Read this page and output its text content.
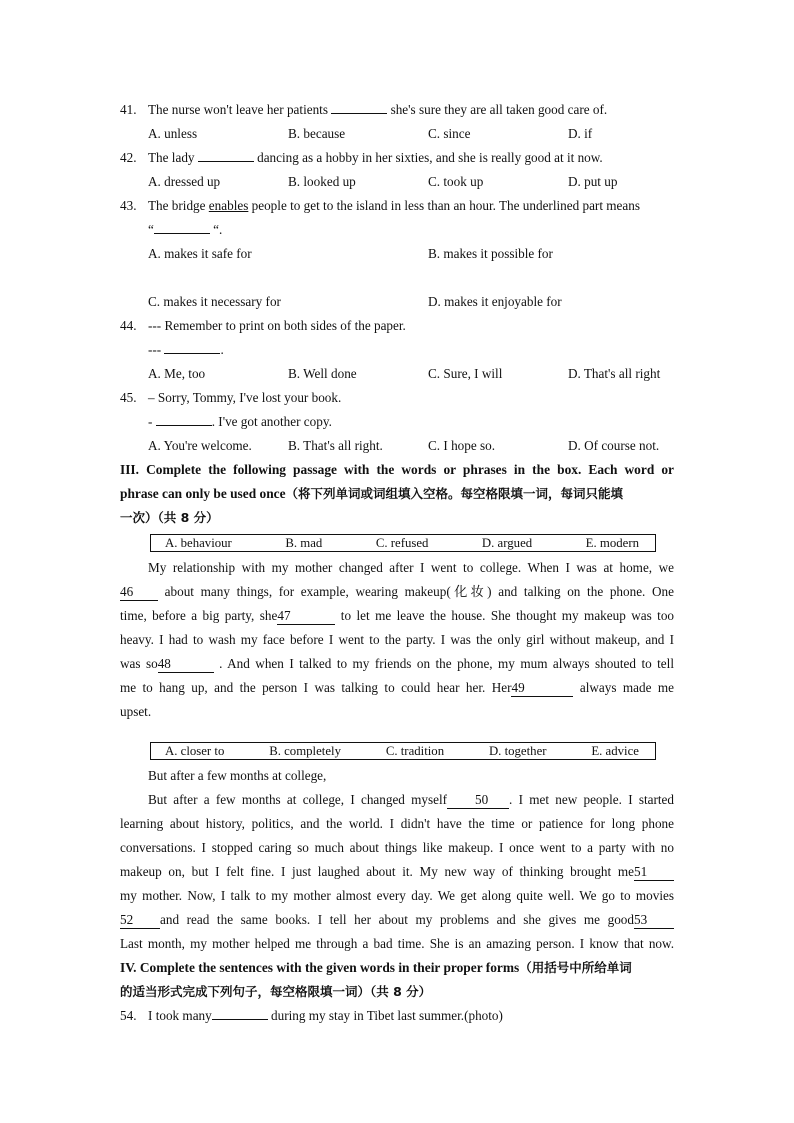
41. The nurse won't leave her patients	she's sure they are all taken good care of.
A. unless	B. because	C. since	D. if
42. The lady	dancing as a hobby in her sixties, and she is really good at it now.
A. dressed up	B. looked up	C. took up	D. put up
43. The bridge enables people to get to the island in less than an hour. The underlined part means
“	“.
A. makes it safe for	B. makes it possible for
C. makes it necessary for	D. makes it enjoyable for
44. --- Remember to print on both sides of the paper.
---	.
A. Me, too	B. Well done	C. Sure, I will	D. That's all right
45. – Sorry, Tommy, I've lost your book.
-	. I've got another copy.
A. You're welcome.	B. That's all right.	C. I hope so.	D. Of course not.
III. Complete the following passage with the words or phrases in the box. Each word or
phrase can only be used once（将下列单词或词组填入空格。每空格限填一词，每词只能填
一次）（共 8 分）
A. behaviour	B. mad	C. refused	D. argued	E. modern
My relationship with my mother changed after I went to college. When I was at home, we
46 about many things, for example, wearing makeup(化妆) and talking on the phone. One
time, before a big party, she47	to let me leave the house. She thought my makeup was too
heavy. I had to wash my face before I went to the party. I was the only girl without makeup, and I
was so48	. And when I talked to my friends on the phone, my mum always shouted to tell
me to hang up, and the person I was talking to could hear her. Her49	always made me
upset.
A. closer to	B. completely	C. tradition	D. together	E. advice
But after a few months at college,
But after a few months at college, I changed myself 50 . I met new people. I started
learning about history, politics, and the world. I didn't have the time or patience for long phone
conversations. I stopped caring so much about things like makeup. I once went to a party with no
makeup on, but I felt fine. I just laughed about it. My new way of thinking brought me51
my mother. Now, I talk to my mother almost every day. We get along quite well. We go to movies
52 and read the same books. I tell her about my problems and she gives me good53
Last month, my mother helped me through a bad time. She is an amazing person. I know that now.
IV. Complete the sentences with the given words in their proper forms（用括号中所给单词
的适当形式完成下列句子，每空格限填一词）（共 8 分）
54. I took many	during my stay in Tibet last summer.(photo)
